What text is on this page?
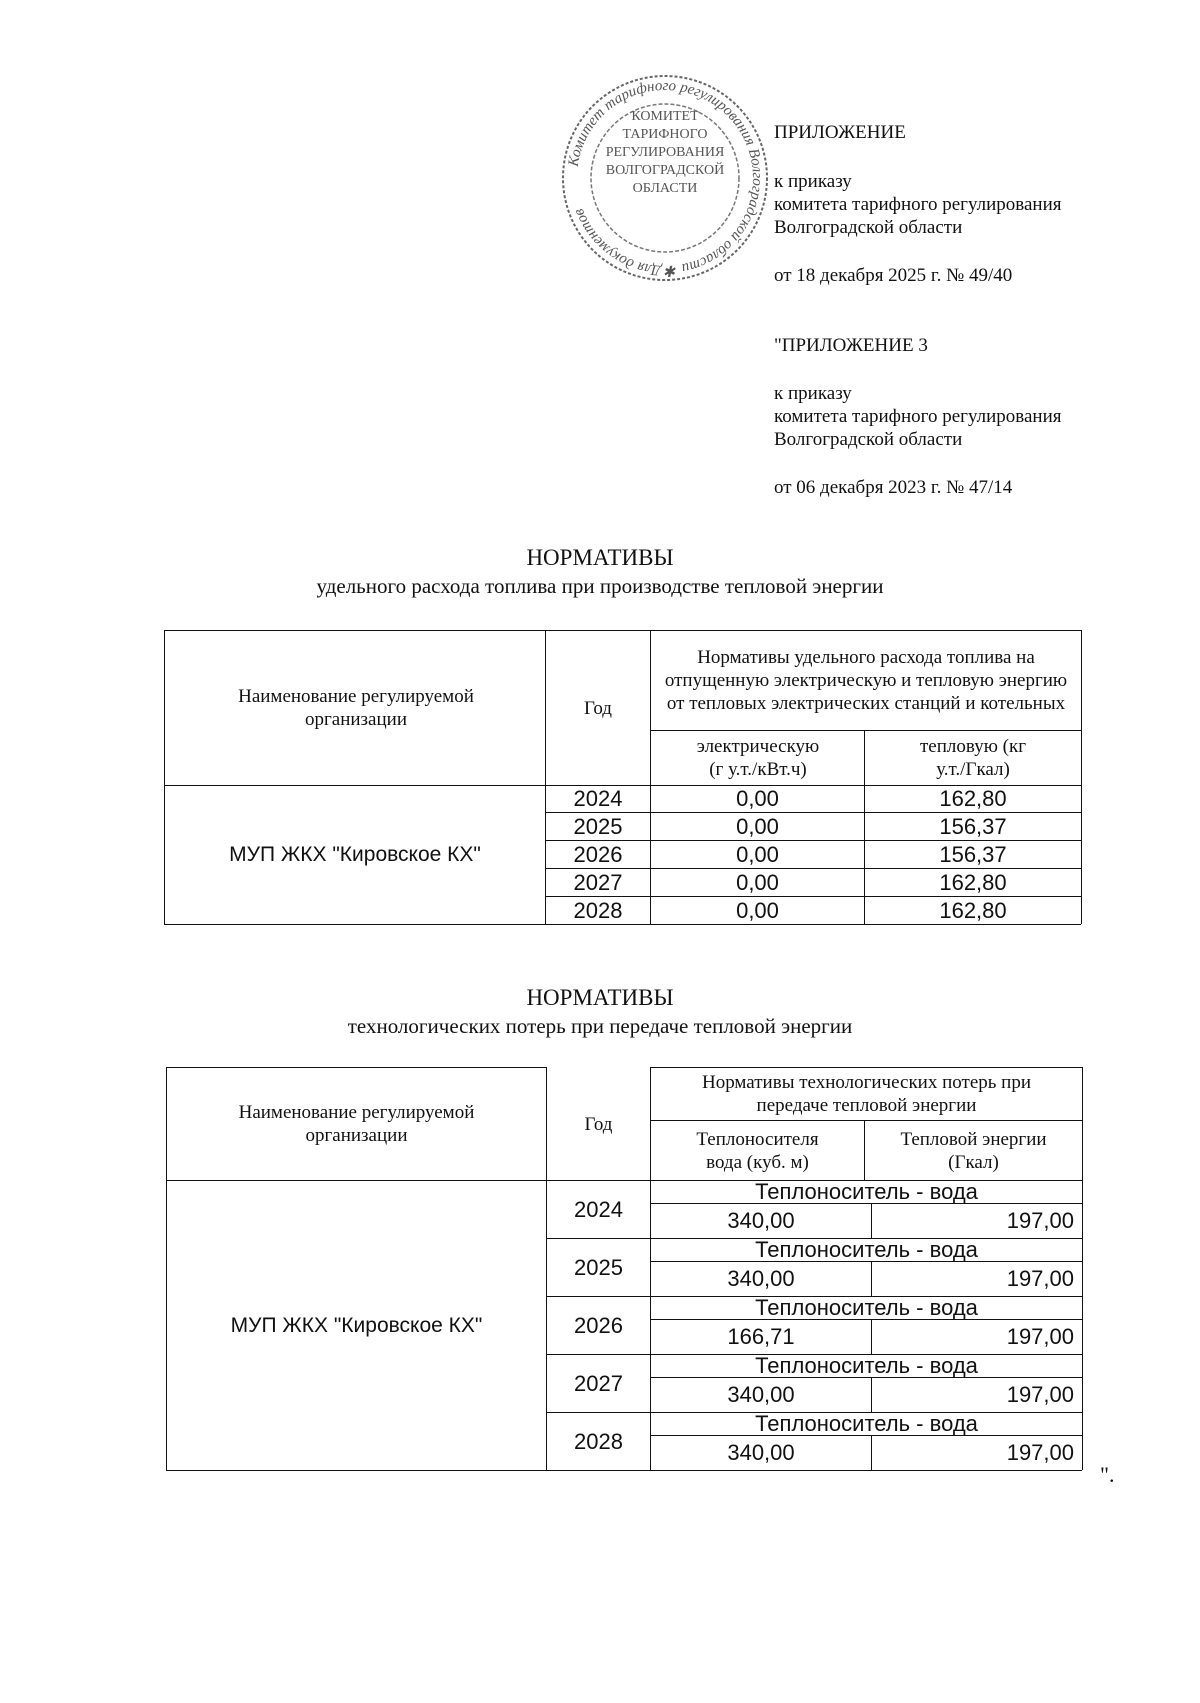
Комитет тарифного регулирования Волгоградской области ✱ Для документов
КОМИТЕТ
ТАРИФНОГО
РЕГУЛИРОВАНИЯ
ВОЛГОГРАДСКОЙ
ОБЛАСТИ
ПРИЛОЖЕНИЕ
к приказу
комитета тарифного регулирования
Волгоградской области
от 18 декабря 2025 г. № 49/40
"ПРИЛОЖЕНИЕ 3
к приказу
комитета тарифного регулирования
Волгоградской области
от 06 декабря 2023 г. № 47/14
НОРМАТИВЫ
удельного расхода топлива при производстве тепловой энергии
Наименование регулируемой организации
Год
Нормативы удельного расхода топлива на отпущенную электрическую и тепловую энергию от тепловых электрических станций и котельных
электрическую (г у.т./кВт.ч)
тепловую (кг у.т./Гкал)
МУП ЖКХ "Кировское КХ"
2024	0,00	162,80
2025	0,00	156,37
2026	0,00	156,37
2027	0,00	162,80
2028	0,00	162,80
НОРМАТИВЫ
технологических потерь при передаче тепловой энергии
Наименование регулируемой организации
Год
Нормативы технологических потерь при передаче тепловой энергии
Теплоносителя вода (куб. м)
Тепловой энергии (Гкал)
МУП ЖКХ "Кировское КХ"
2024
Теплоноситель - вода
340,00	197,00
2025
Теплоноситель - вода
340,00	197,00
2026
Теплоноситель - вода
166,71	197,00
2027
Теплоноситель - вода
340,00	197,00
2028
Теплоноситель - вода
340,00	197,00
".
